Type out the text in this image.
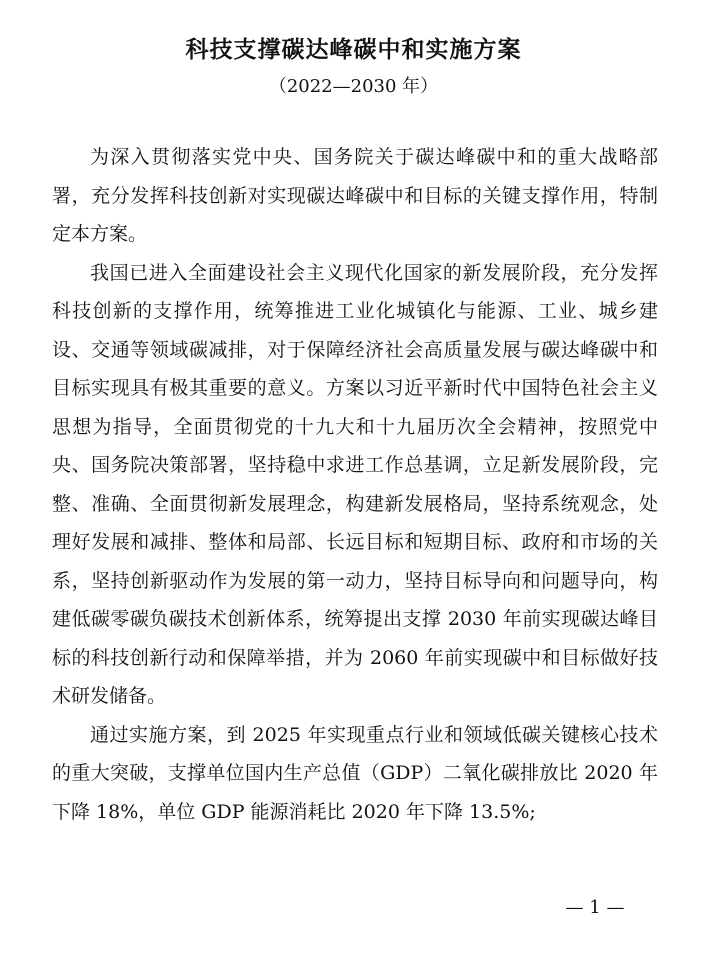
科技支撑碳达峰碳中和实施方案
（2022—2030 年）

为深入贯彻落实党中央、国务院关于碳达峰碳中和的重大战略部署，充分发挥科技创新对实现碳达峰碳中和目标的关键支撑作用，特制定本方案。

我国已进入全面建设社会主义现代化国家的新发展阶段，充分发挥科技创新的支撑作用，统筹推进工业化城镇化与能源、工业、城乡建设、交通等领域碳减排，对于保障经济社会高质量发展与碳达峰碳中和目标实现具有极其重要的意义。方案以习近平新时代中国特色社会主义思想为指导，全面贯彻党的十九大和十九届历次全会精神，按照党中央、国务院决策部署，坚持稳中求进工作总基调，立足新发展阶段，完整、准确、全面贯彻新发展理念，构建新发展格局，坚持系统观念，处理好发展和减排、整体和局部、长远目标和短期目标、政府和市场的关系，坚持创新驱动作为发展的第一动力，坚持目标导向和问题导向，构建低碳零碳负碳技术创新体系，统筹提出支撑 2030 年前实现碳达峰目标的科技创新行动和保障举措，并为 2060 年前实现碳中和目标做好技术研发储备。

通过实施方案，到 2025 年实现重点行业和领域低碳关键核心技术的重大突破，支撑单位国内生产总值（GDP）二氧化碳排放比 2020 年下降 18%，单位 GDP 能源消耗比 2020 年下降 13.5%;

— 1 —
